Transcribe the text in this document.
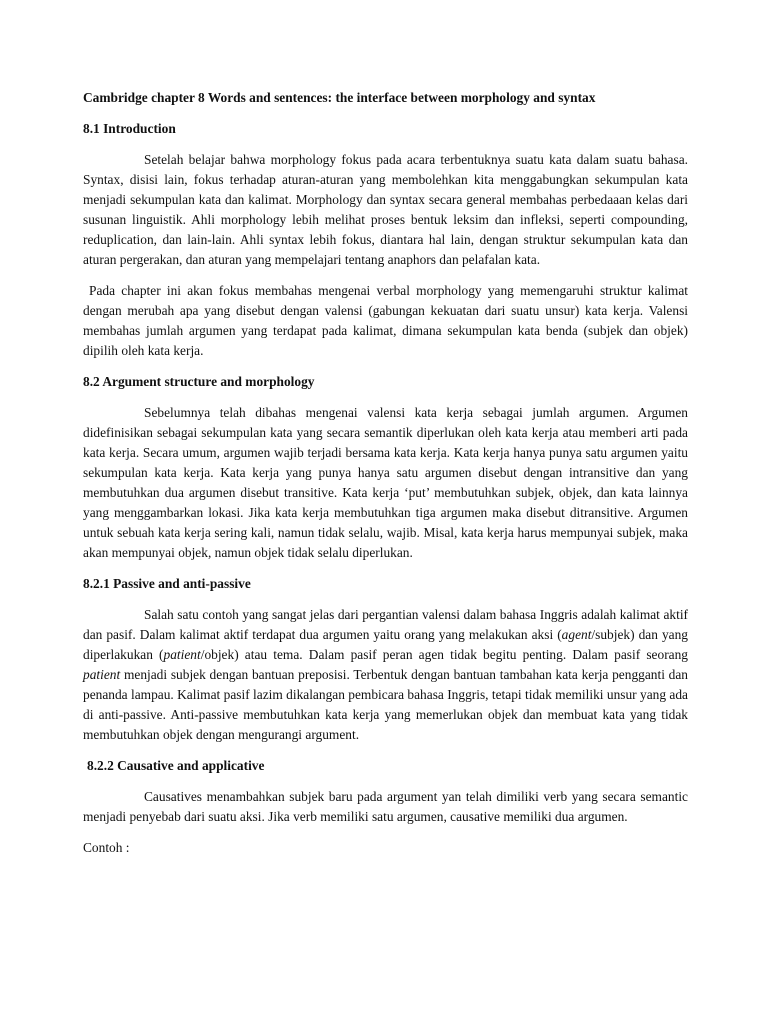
Cambridge chapter 8 Words and sentences: the interface between morphology and syntax
8.1 Introduction

Setelah belajar bahwa morphology fokus pada acara terbentuknya suatu kata dalam suatu bahasa. Syntax, disisi lain, fokus terhadap aturan-aturan yang membolehkan kita menggabungkan sekumpulan kata menjadi sekumpulan kata dan kalimat. Morphology dan syntax secara general membahas perbedaaan kelas dari susunan linguistik. Ahli morphology lebih melihat proses bentuk leksim dan infleksi, seperti compounding, reduplication, dan lain-lain. Ahli syntax lebih fokus, diantara hal lain, dengan struktur sekumpulan kata dan aturan pergerakan, dan aturan yang mempelajari tentang anaphors dan pelafalan kata.

Pada chapter ini akan fokus membahas mengenai verbal morphology yang memengaruhi struktur kalimat dengan merubah apa yang disebut dengan valensi (gabungan kekuatan dari suatu unsur) kata kerja. Valensi membahas jumlah argumen yang terdapat pada kalimat, dimana sekumpulan kata benda (subjek dan objek) dipilih oleh kata kerja.

8.2 Argument structure and morphology

Sebelumnya telah dibahas mengenai valensi kata kerja sebagai jumlah argumen. Argumen didefinisikan sebagai sekumpulan kata yang secara semantik diperlukan oleh kata kerja atau memberi arti pada kata kerja. Secara umum, argumen wajib terjadi bersama kata kerja. Kata kerja hanya punya satu argumen yaitu sekumpulan kata kerja. Kata kerja yang punya hanya satu argumen disebut dengan intransitive dan yang membutuhkan dua argumen disebut transitive. Kata kerja ‘put’ membutuhkan subjek, objek, dan kata lainnya yang menggambarkan lokasi. Jika kata kerja membutuhkan tiga argumen maka disebut ditransitive. Argumen untuk sebuah kata kerja sering kali, namun tidak selalu, wajib. Misal, kata kerja harus mempunyai subjek, maka akan mempunyai objek, namun objek tidak selalu diperlukan.

8.2.1 Passive and anti-passive

Salah satu contoh yang sangat jelas dari pergantian valensi dalam bahasa Inggris adalah kalimat aktif dan pasif. Dalam kalimat aktif terdapat dua argumen yaitu orang yang melakukan aksi (agent/subjek) dan yang diperlakukan (patient/objek) atau tema. Dalam pasif peran agen tidak begitu penting. Dalam pasif seorang patient menjadi subjek dengan bantuan preposisi. Terbentuk dengan bantuan tambahan kata kerja pengganti dan penanda lampau. Kalimat pasif lazim dikalangan pembicara bahasa Inggris, tetapi tidak memiliki unsur yang ada di anti-passive. Anti-passive membutuhkan kata kerja yang memerlukan objek dan membuat kata yang tidak membutuhkan objek dengan mengurangi argument.

8.2.2 Causative and applicative

Causatives menambahkan subjek baru pada argument yan telah dimiliki verb yang secara semantic menjadi penyebab dari suatu aksi. Jika verb memiliki satu argumen, causative memiliki dua argumen.

Contoh :
